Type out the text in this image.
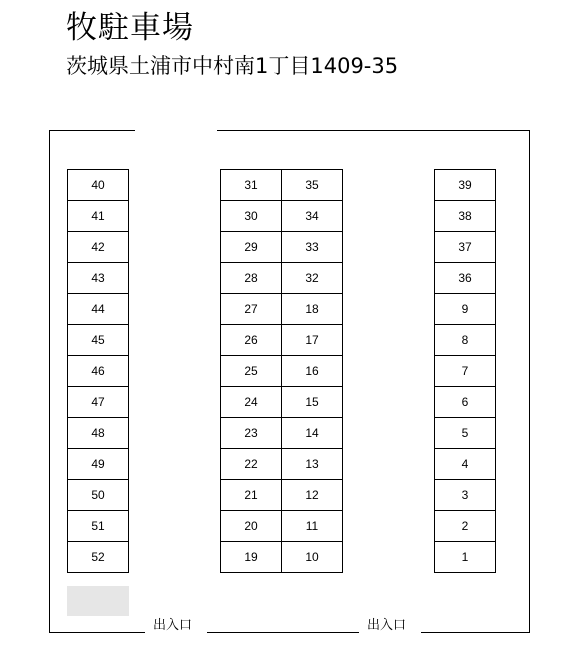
牧駐車場
茨城県土浦市中村南1丁目1409-35
40
41
42
43
44
45
46
47
48
49
50
51
52
31	35
30	34
29	33
28	32
27	18
26	17
25	16
24	15
23	14
22	13
21	12
20	11
19	10
39
38
37
36
9
8
7
6
5
4
3
2
1
出入口	出入口
